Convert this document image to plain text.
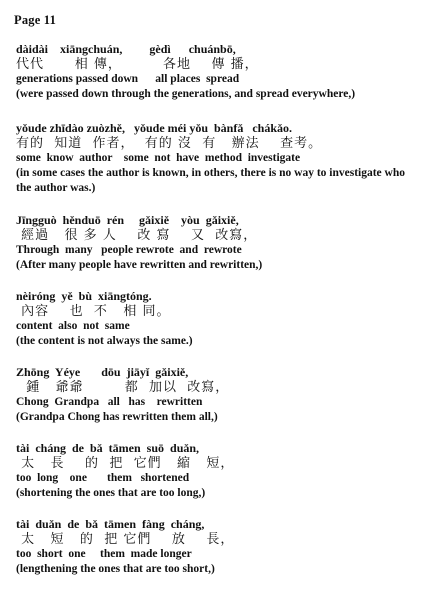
Page 11
dàidài    xiāngchuán,         gèdì      chuánbō,
代代      相 傳，        各地    傳 播，
generations passed down      all places  spread
(were passed down through the generations, and spread everywhere,)
yǒude zhīdào zuòzhě,   yǒude méi yǒu  bànfǎ   chákǎo.
有的  知道  作者，  有的 沒  有   辦法    查考。
some  know  author    some  not  have  method  investigate
(in some cases the author is known, in others, there is no way to investigate who the author was.)
Jīngguò  hěnduō  rén     gǎixiě    yòu  gǎixiě,
經過   很 多 人    改 寫    又  改寫，
Through  many   people rewrote  and  rewrote
(After many people have rewritten and rewritten,)
nèiróng  yě  bù  xiāngtóng.
內容    也  不   相 同。
content  also  not  same
(the content is not always the same.)
Zhōng  Yéye       dōu  jiāyǐ  gǎixiě,
鍾   爺爺        都  加以  改寫，
Chong  Grandpa   all   has    rewritten
(Grandpa Chong has rewritten them all,)
tài  cháng  de  bǎ  tāmen  suō  duǎn,
太   長    的  把  它們   縮   短，
too  long    one       them   shortened
(shortening the ones that are too long,)
tài  duǎn  de  bǎ  tāmen  fàng  cháng,
太   短   的  把 它們    放    長，
too  short  one     them  made longer
(lengthening the ones that are too short,)
